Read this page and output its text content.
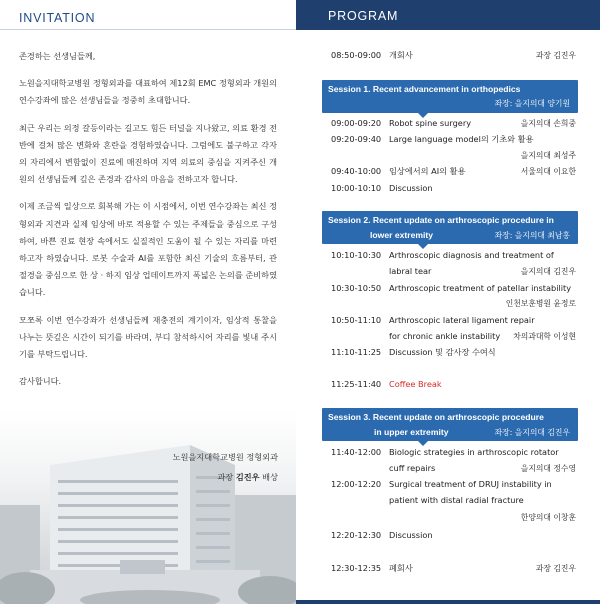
INVITATION

존경하는 선생님들께,

노원을지대학교병원 정형외과를 대표하여 제12회 EMC 정형외과 개원의 연수강좌에 많은 선생님들을 정중히 초대합니다.

최근 우리는 의정 갈등이라는 길고도 힘든 터널을 지나왔고, 의료 환경 전반에 걸쳐 많은 변화와 혼란을 경험하였습니다. 그럼에도 불구하고 각자의 자리에서 변함없이 진료에 매진하며 지역 의료의 중심을 지켜주신 개원의 선생님들께 깊은 존경과 감사의 마음을 전하고자 합니다.

이제 조금씩 일상으로 회복해 가는 이 시점에서, 이번 연수강좌는 최신 정형외과 지견과 실제 임상에 바로 적용할 수 있는 주제들을 중심으로 구성하여, 바쁜 진료 현장 속에서도 실질적인 도움이 될 수 있는 자리를 마련하고자 하였습니다. 로봇 수술과 AI를 포함한 최신 기술의 흐름부터, 관절경을 중심으로 한 상 · 하지 임상 업데이트까지 폭넓은 논의를 준비하였습니다.

모쪼록 이번 연수강좌가 선생님들께 재충전의 계기이자, 임상적 통찰을 나누는 뜻깊은 시간이 되기를 바라며, 부디 참석하시어 자리를 빛내 주시기를 부탁드립니다.

감사합니다.

노원을지대학교병원 정형외과
과장 김진우 배상
PROGRAM
08:50-09:00 개회사	과장 김진우
Session 1. Recent advancement in orthopedics
좌장: 을지의대 양기원
09:00-09:20 Robot spine surgery	을지의대 손희중
09:20-09:40 Large language model의 기초와 활용
을지의대 최성주
09:40-10:00 임상에서의 AI의 활용	서울의대 이요한
10:00-10:10 Discussion
Session 2. Recent update on arthroscopic procedure in
lower extremity	좌장: 을지의대 최남홍
10:10-10:30 Arthroscopic diagnosis and treatment of
labral tear	을지의대 김진우
10:30-10:50 Arthroscopic treatment of patellar instability
인천보훈병원 윤정로
10:50-11:10 Arthroscopic lateral ligament repair
for chronic ankle instability 차의과대학 이성현
11:10-11:25 Discussion 및 감사장 수여식
11:25-11:40 Coffee Break
Session 3. Recent update on arthroscopic procedure
in upper extremity	좌장: 을지의대 김진우
11:40-12:00 Biologic strategies in arthroscopic rotator
cuff repairs	을지의대 정수영
12:00-12:20 Surgical treatment of DRUJ instability in
patient with distal radial fracture
한양의대 이창훈
12:20-12:30 Discussion
12:30-12:35 폐회사	과장 김진우
